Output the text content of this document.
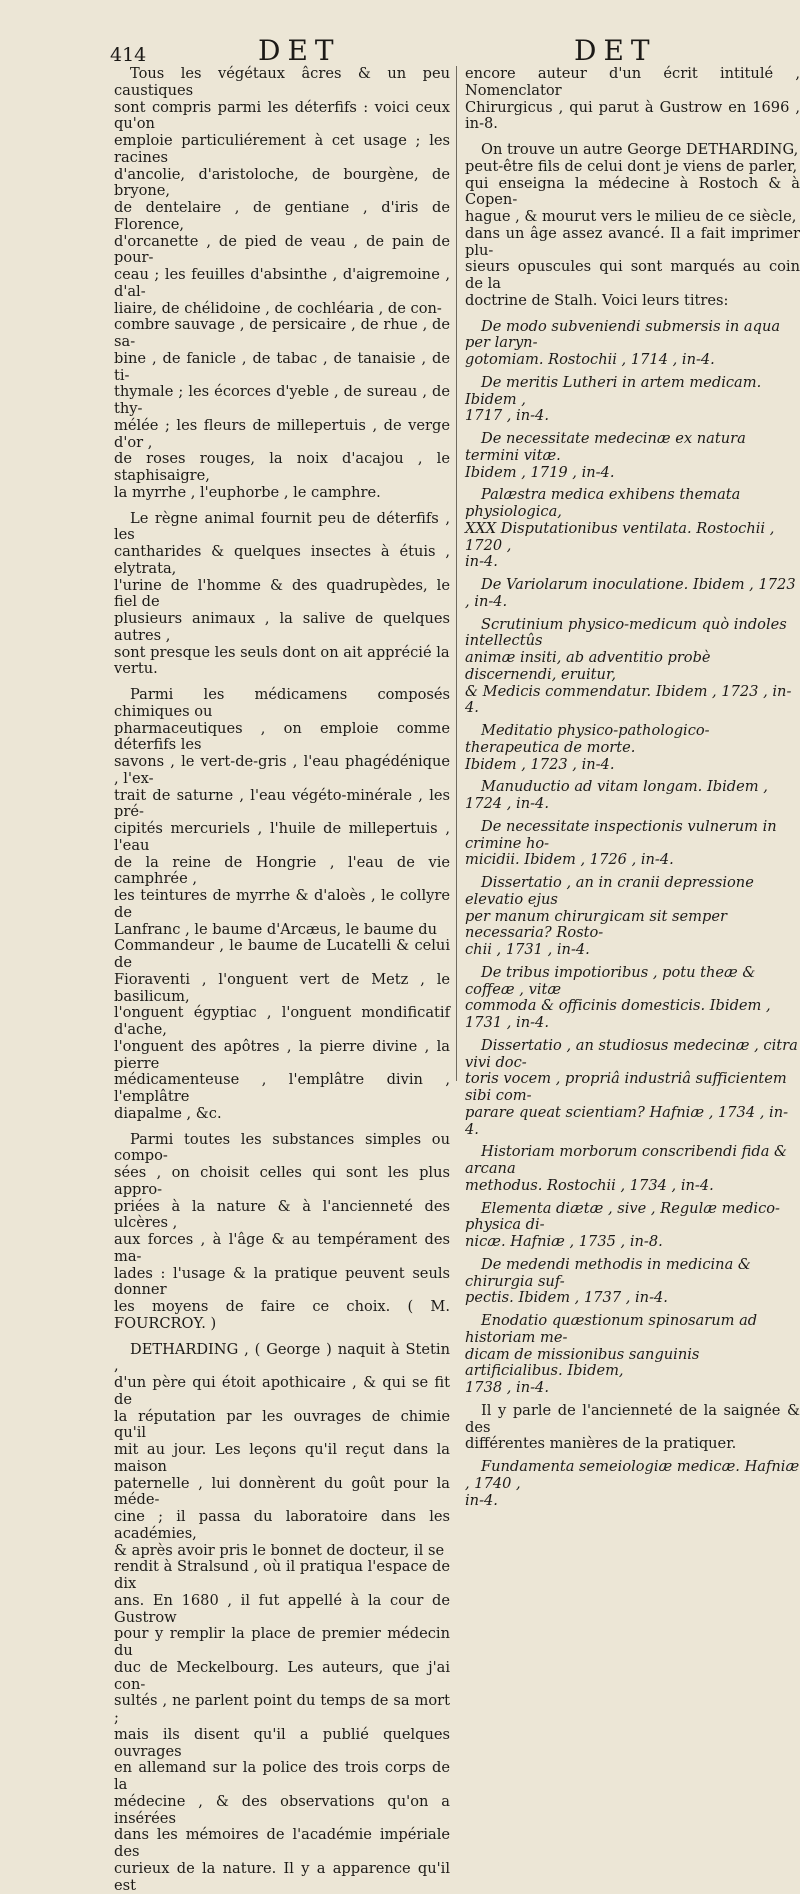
414	DET	DET

Tous les végétaux âcres & un peu caustiques
sont compris parmi les déterfifs : voici ceux qu'on
emploie particuliérement à cet usage ; les racines
d'ancolie, d'aristoloche, de bourgène, de bryone,
de dentelaire , de gentiane , d'iris de Florence,
d'orcanette , de pied de veau , de pain de pour-
ceau ; les feuilles d'absinthe , d'aigremoine , d'al-
liaire, de chélidoine , de cochléaria , de con-
combre sauvage , de persicaire , de rhue , de sa-
bine , de fanicle , de tabac , de tanaisie , de ti-
thymale ; les écorces d'yeble , de sureau , de thy-
mélée ; les fleurs de millepertuis , de verge d'or ,
de roses rouges, la noix d'acajou , le staphisaigre,
la myrrhe , l'euphorbe , le camphre.

Le règne animal fournit peu de déterfifs , les
cantharides & quelques insectes à étuis , elytrata,
l'urine de l'homme & des quadrupèdes, le fiel de
plusieurs animaux , la salive de quelques autres ,
sont presque les seuls dont on ait apprécié la
vertu.

Parmi les médicamens composés chimiques ou
pharmaceutiques , on emploie comme déterfifs les
savons , le vert-de-gris , l'eau phagédénique , l'ex-
trait de saturne , l'eau végéto-minérale , les pré-
cipités mercuriels , l'huile de millepertuis , l'eau
de la reine de Hongrie , l'eau de vie camphrée ,
les teintures de myrrhe & d'aloès , le collyre de
Lanfranc , le baume d'Arcæus, le baume du
Commandeur , le baume de Lucatelli & celui de
Fioraventi , l'onguent vert de Metz , le basilicum,
l'onguent égyptiac , l'onguent mondificatif d'ache,
l'onguent des apôtres , la pierre divine , la pierre
médicamenteuse , l'emplâtre divin , l'emplâtre
diapalme , &c.

Parmi toutes les substances simples ou compo-
sées , on choisit celles qui sont les plus appro-
priées à la nature & à l'ancienneté des ulcères ,
aux forces , à l'âge & au tempérament des ma-
lades : l'usage & la pratique peuvent seuls donner
les moyens de faire ce choix. ( M. FOURCROY. )

DETHARDING , ( George ) naquit à Stetin ,
d'un père qui étoit apothicaire , & qui se fit de
la réputation par les ouvrages de chimie qu'il
mit au jour. Les leçons qu'il reçut dans la maison
paternelle , lui donnèrent du goût pour la méde-
cine ; il passa du laboratoire dans les académies,
& après avoir pris le bonnet de docteur, il se
rendit à Stralsund , où il pratiqua l'espace de dix
ans. En 1680 , il fut appellé à la cour de Gustrow
pour y remplir la place de premier médecin du
duc de Meckelbourg. Les auteurs, que j'ai con-
sultés , ne parlent point du temps de sa mort ;
mais ils disent qu'il a publié quelques ouvrages
en allemand sur la police des trois corps de la
médecine , & des observations qu'on a insérées
dans les mémoires de l'académie impériale des
curieux de la nature. Il y a apparence qu'il est

encore auteur d'un écrit intitulé , Nomenclator
Chirurgicus , qui parut à Gustrow en 1696 , in-8.

On trouve un autre George DETHARDING,
peut-être fils de celui dont je viens de parler,
qui enseigna la médecine à Rostoch & à Copen-
hague , & mourut vers le milieu de ce siècle,
dans un âge assez avancé. Il a fait imprimer plu-
sieurs opuscules qui sont marqués au coin de la
doctrine de Stalh. Voici leurs titres:

De modo subveniendi submersis in aqua per laryn-
gotomiam. Rostochii , 1714 , in-4.

De meritis Lutheri in artem medicam. Ibidem ,
1717 , in-4.

De necessitate medecinæ ex natura termini vitæ.
Ibidem , 1719 , in-4.

Palæstra medica exhibens themata physiologica,
XXX Disputationibus ventilata. Rostochii , 1720 ,
in-4.

De Variolarum inoculatione. Ibidem , 1723 , in-4.

Scrutinium physico-medicum quò indoles intellectûs
animæ insiti, ab adventitio probè discernendi, eruitur,
& Medicis commendatur. Ibidem , 1723 , in-4.

Meditatio physico-pathologico-therapeutica de morte.
Ibidem , 1723 , in-4.

Manuductio ad vitam longam. Ibidem , 1724 , in-4.

De necessitate inspectionis vulnerum in crimine ho-
micidii. Ibidem , 1726 , in-4.

Dissertatio , an in cranii depressione elevatio ejus
per manum chirurgicam sit semper necessaria? Rosto-
chii , 1731 , in-4.

De tribus impotioribus , potu theæ & coffeæ , vitæ
commoda & officinis domesticis. Ibidem , 1731 , in-4.

Dissertatio , an studiosus medecinæ , citra vivi doc-
toris vocem , propriâ industriâ sufficientem sibi com-
parare queat scientiam? Hafniæ , 1734 , in-4.

Historiam morborum conscribendi fida & arcana
methodus. Rostochii , 1734 , in-4.

Elementa diætæ , sive , Regulæ medico-physica di-
nicæ. Hafniæ , 1735 , in-8.

De medendi methodis in medicina & chirurgia suf-
pectis. Ibidem , 1737 , in-4.

Enodatio quæstionum spinosarum ad historiam me-
dicam de missionibus sanguinis artificialibus. Ibidem,
1738 , in-4.

Il y parle de l'ancienneté de la saignée & des
différentes manières de la pratiquer.

Fundamenta semeiologiæ medicæ. Hafniæ , 1740 ,
in-4.
